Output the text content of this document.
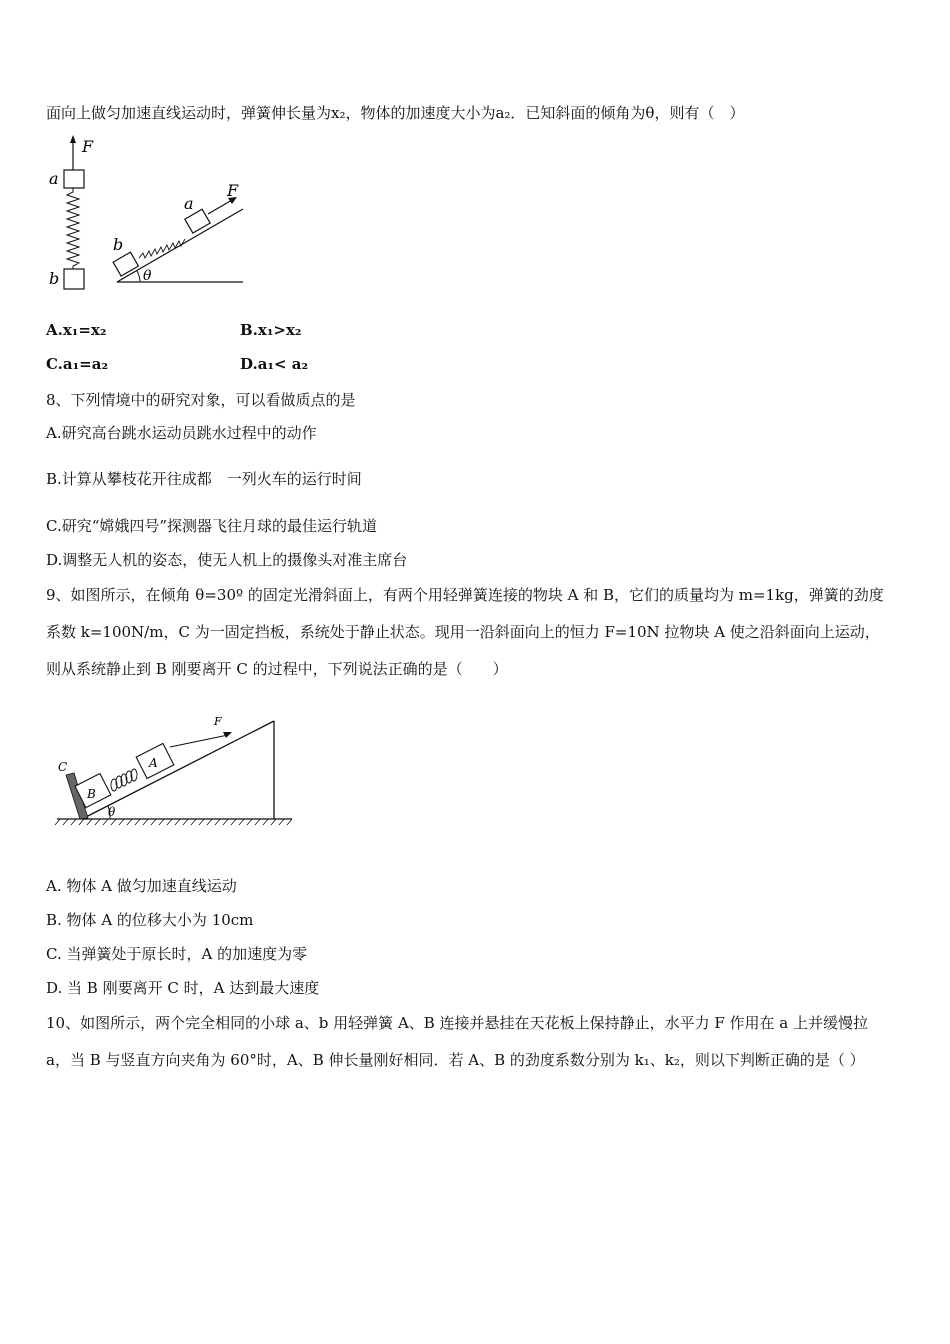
面向上做匀加速直线运动时，弹簧伸长量为x₂，物体的加速度大小为a₂．已知斜面的倾角为θ，则有（　）
F
a
b	θ
b
a
F
A.x₁=x₂	B.x₁>x₂
C.a₁=a₂	D.a₁< a₂
8、下列情境中的研究对象，可以看做质点的是
A.研究高台跳水运动员跳水过程中的动作
B.计算从攀枝花开往成都　一列火车的运行时间
C.研究“嫦娥四号”探测器飞往月球的最佳运行轨道
D.调整无人机的姿态，使无人机上的摄像头对准主席台
9、如图所示，在倾角 θ=30º 的固定光滑斜面上，有两个用轻弹簧连接的物块 A 和 B，它们的质量均为 m=1kg，弹簧的劲度
系数 k=100N/m，C 为一固定挡板，系统处于静止状态。现用一沿斜面向上的恒力 F=10N 拉物块 A 使之沿斜面向上运动，
则从系统静止到 B 刚要离开 C 的过程中，下列说法正确的是（　　）
C
θ
B
A
F
A. 物体 A 做匀加速直线运动
B. 物体 A 的位移大小为 10cm
C. 当弹簧处于原长时，A 的加速度为零
D. 当 B 刚要离开 C 时，A 达到最大速度
10、如图所示，两个完全相同的小球 a、b 用轻弹簧 A、B 连接并悬挂在天花板上保持静止，水平力 F 作用在 a 上并缓慢拉
a，当 B 与竖直方向夹角为 60°时，A、B 伸长量刚好相同．若 A、B 的劲度系数分别为 k₁、k₂，则以下判断正确的是（ ）
